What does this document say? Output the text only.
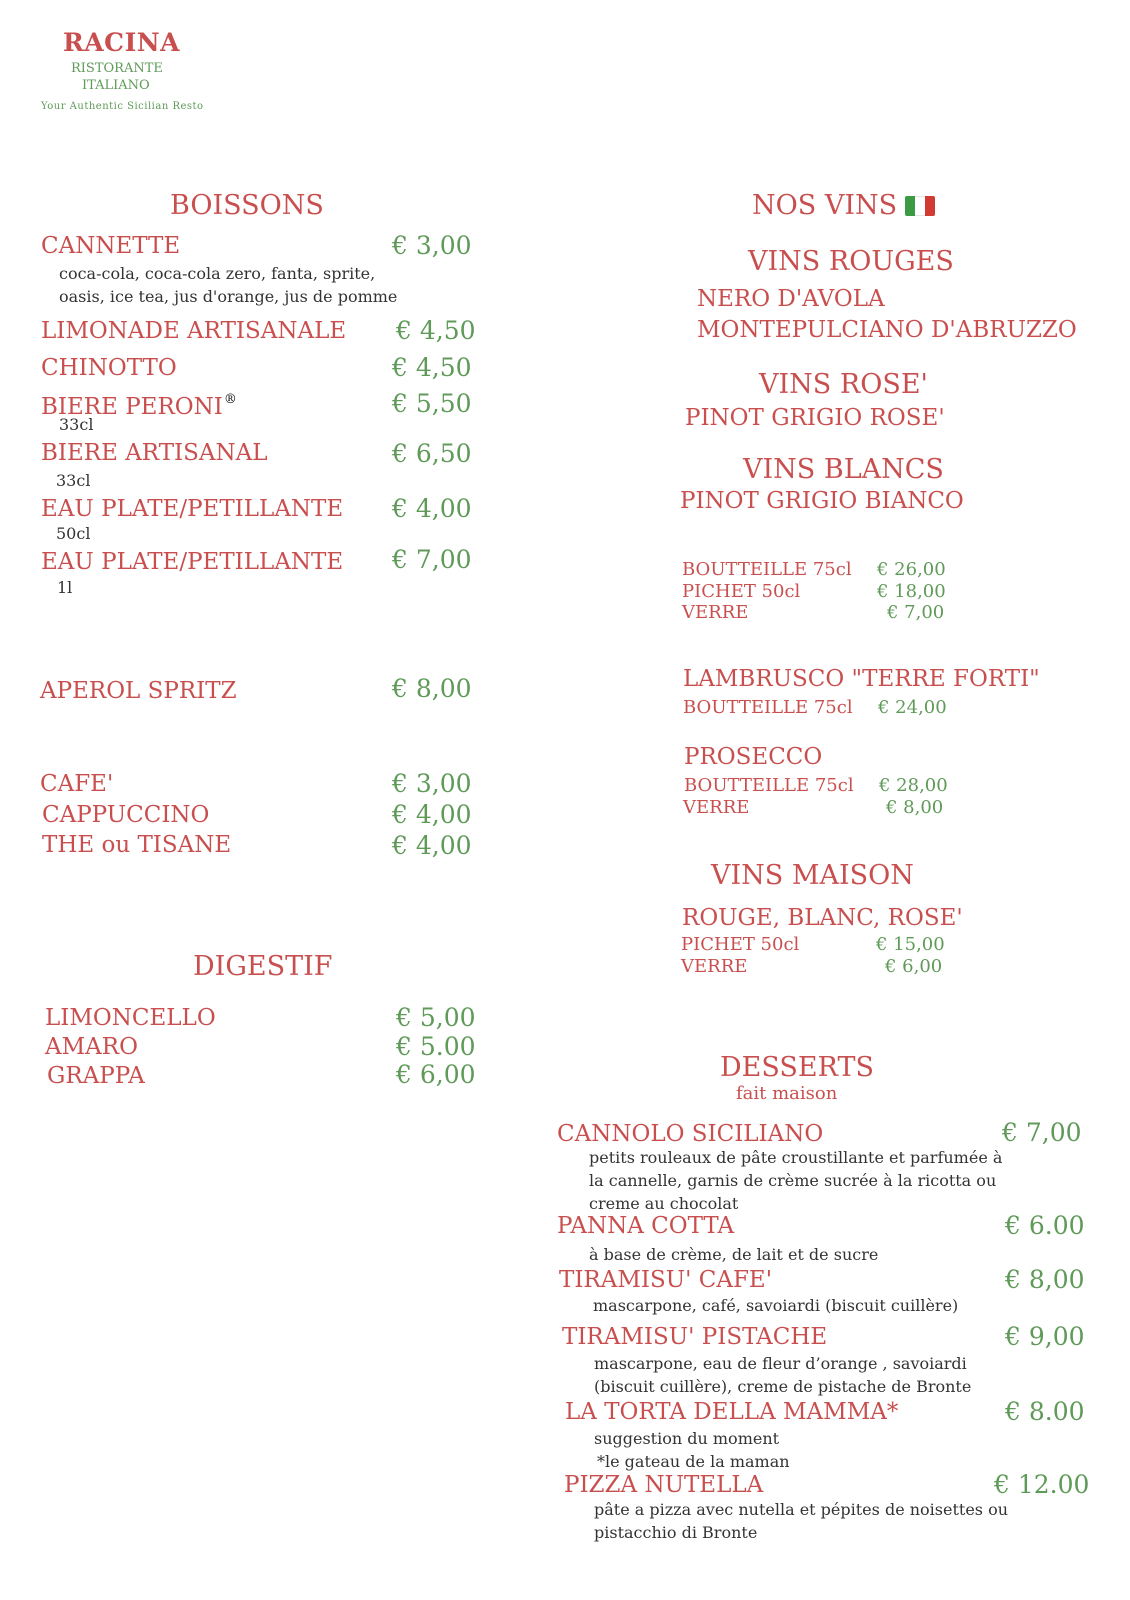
RACINA
RISTORANTE
ITALIANO
Your Authentic Sicilian Resto
BOISSONS
CANNETTE	€ 3,00
coca-cola, coca-cola zero, fanta, sprite,
oasis, ice tea, jus d'orange, jus de pomme
LIMONADE ARTISANALE € 4,50
CHINOTTO	€ 4,50
BIERE PERONI®	€ 5,50
33cl
BIERE ARTISANAL	€ 6,50
33cl
EAU PLATE/PETILLANTE € 4,00
50cl
EAU PLATE/PETILLANTE € 7,00
1l
APEROL SPRITZ	€ 8,00
CAFE'	€ 3,00
CAPPUCCINO	€ 4,00
THE ou TISANE	€ 4,00
DIGESTIF
LIMONCELLO	€ 5,00
AMARO	€ 5.00
GRAPPA	€ 6,00
NOS VINS
VINS ROUGES
NERO D'AVOLA
MONTEPULCIANO D'ABRUZZO
VINS ROSE'
PINOT GRIGIO ROSE'
VINS BLANCS
PINOT GRIGIO BIANCO
BOUTTEILLE 75cl € 26,00
PICHET 50cl	€ 18,00
VERRE	€ 7,00
LAMBRUSCO "TERRE FORTI"
BOUTTEILLE 75cl € 24,00
PROSECCO
BOUTTEILLE 75cl € 28,00
VERRE	€ 8,00
VINS MAISON
ROUGE, BLANC, ROSE'
PICHET 50cl	€ 15,00
VERRE	€ 6,00
DESSERTS
fait maison
CANNOLO SICILIANO	€ 7,00
petits rouleaux de pâte croustillante et parfumée à
la cannelle, garnis de crème sucrée à la ricotta ou
creme au chocolat
PANNA COTTA	€ 6.00
à base de crème, de lait et de sucre
TIRAMISU' CAFE'	€ 8,00
mascarpone, café, savoiardi (biscuit cuillère)
TIRAMISU' PISTACHE	€ 9,00
mascarpone, eau de fleur d’orange , savoiardi
(biscuit cuillère), creme de pistache de Bronte
LA TORTA DELLA MAMMA*	€ 8.00
suggestion du moment
*le gateau de la maman
PIZZA NUTELLA	€ 12.00
pâte a pizza avec nutella et pépites de noisettes ou
pistacchio di Bronte
